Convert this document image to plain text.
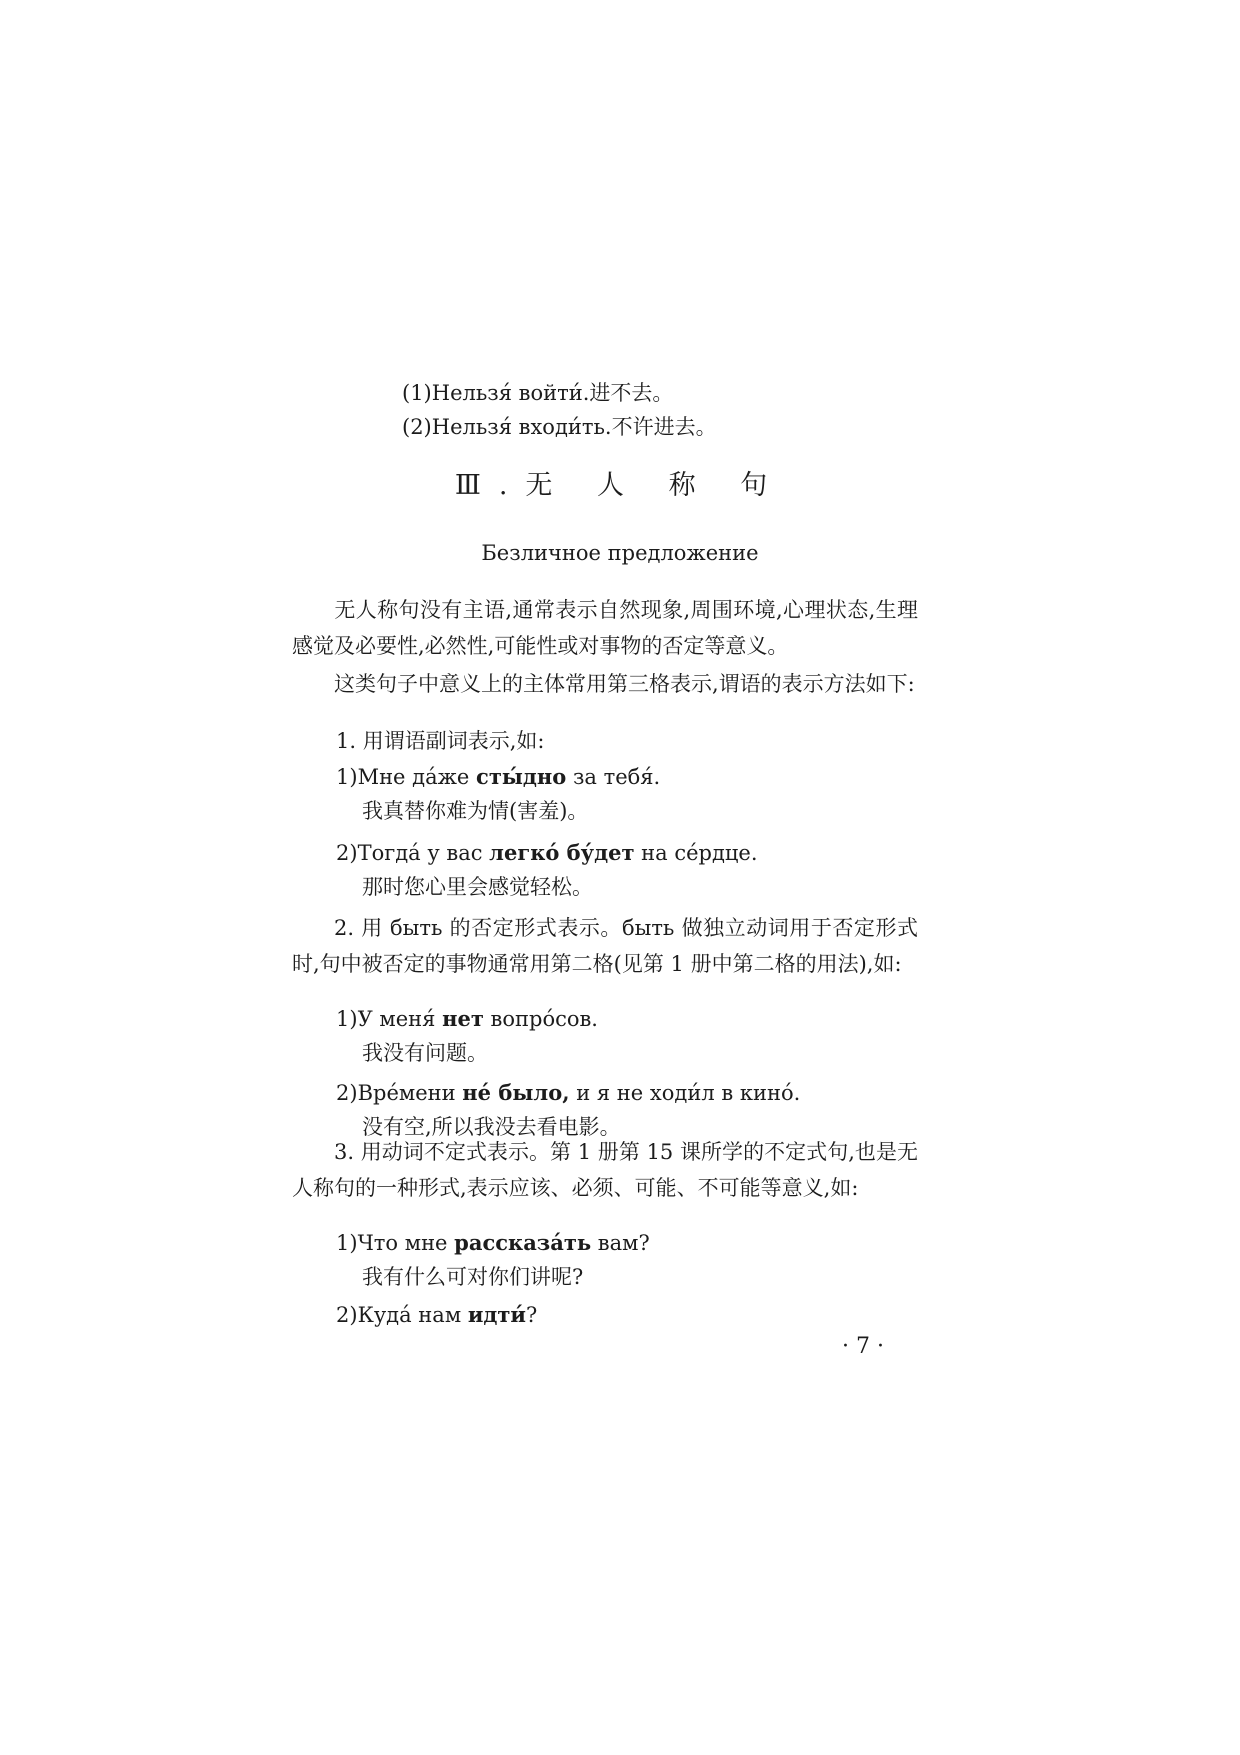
(1)Нельзя́ войти́.进不去。
(2)Нельзя́ входи́ть.不许进去。
Ⅲ.无 人 称 句
Безличное предложение
无人称句没有主语,通常表示自然现象,周围环境,心理状态,生理感觉及必要性,必然性,可能性或对事物的否定等意义。
这类句子中意义上的主体常用第三格表示,谓语的表示方法如下:
1. 用谓语副词表示,如:
1)Мне да́же сты́дно за тебя́.
我真替你难为情(害羞)。
2)Тогда́ у вас легко́ бу́дет на се́рдце.
那时您心里会感觉轻松。
2. 用 быть 的否定形式表示。быть 做独立动词用于否定形式时,句中被否定的事物通常用第二格(见第 1 册中第二格的用法),如:
1)У меня́ нет вопро́сов.
我没有问题。
2)Вре́мени не́ было, и я не ходи́л в кино́.
没有空,所以我没去看电影。
3. 用动词不定式表示。第 1 册第 15 课所学的不定式句,也是无人称句的一种形式,表示应该、必须、可能、不可能等意义,如:
1)Что мне рассказа́ть вам?
我有什么可对你们讲呢?
2)Куда́ нам идти́?
· 7 ·
